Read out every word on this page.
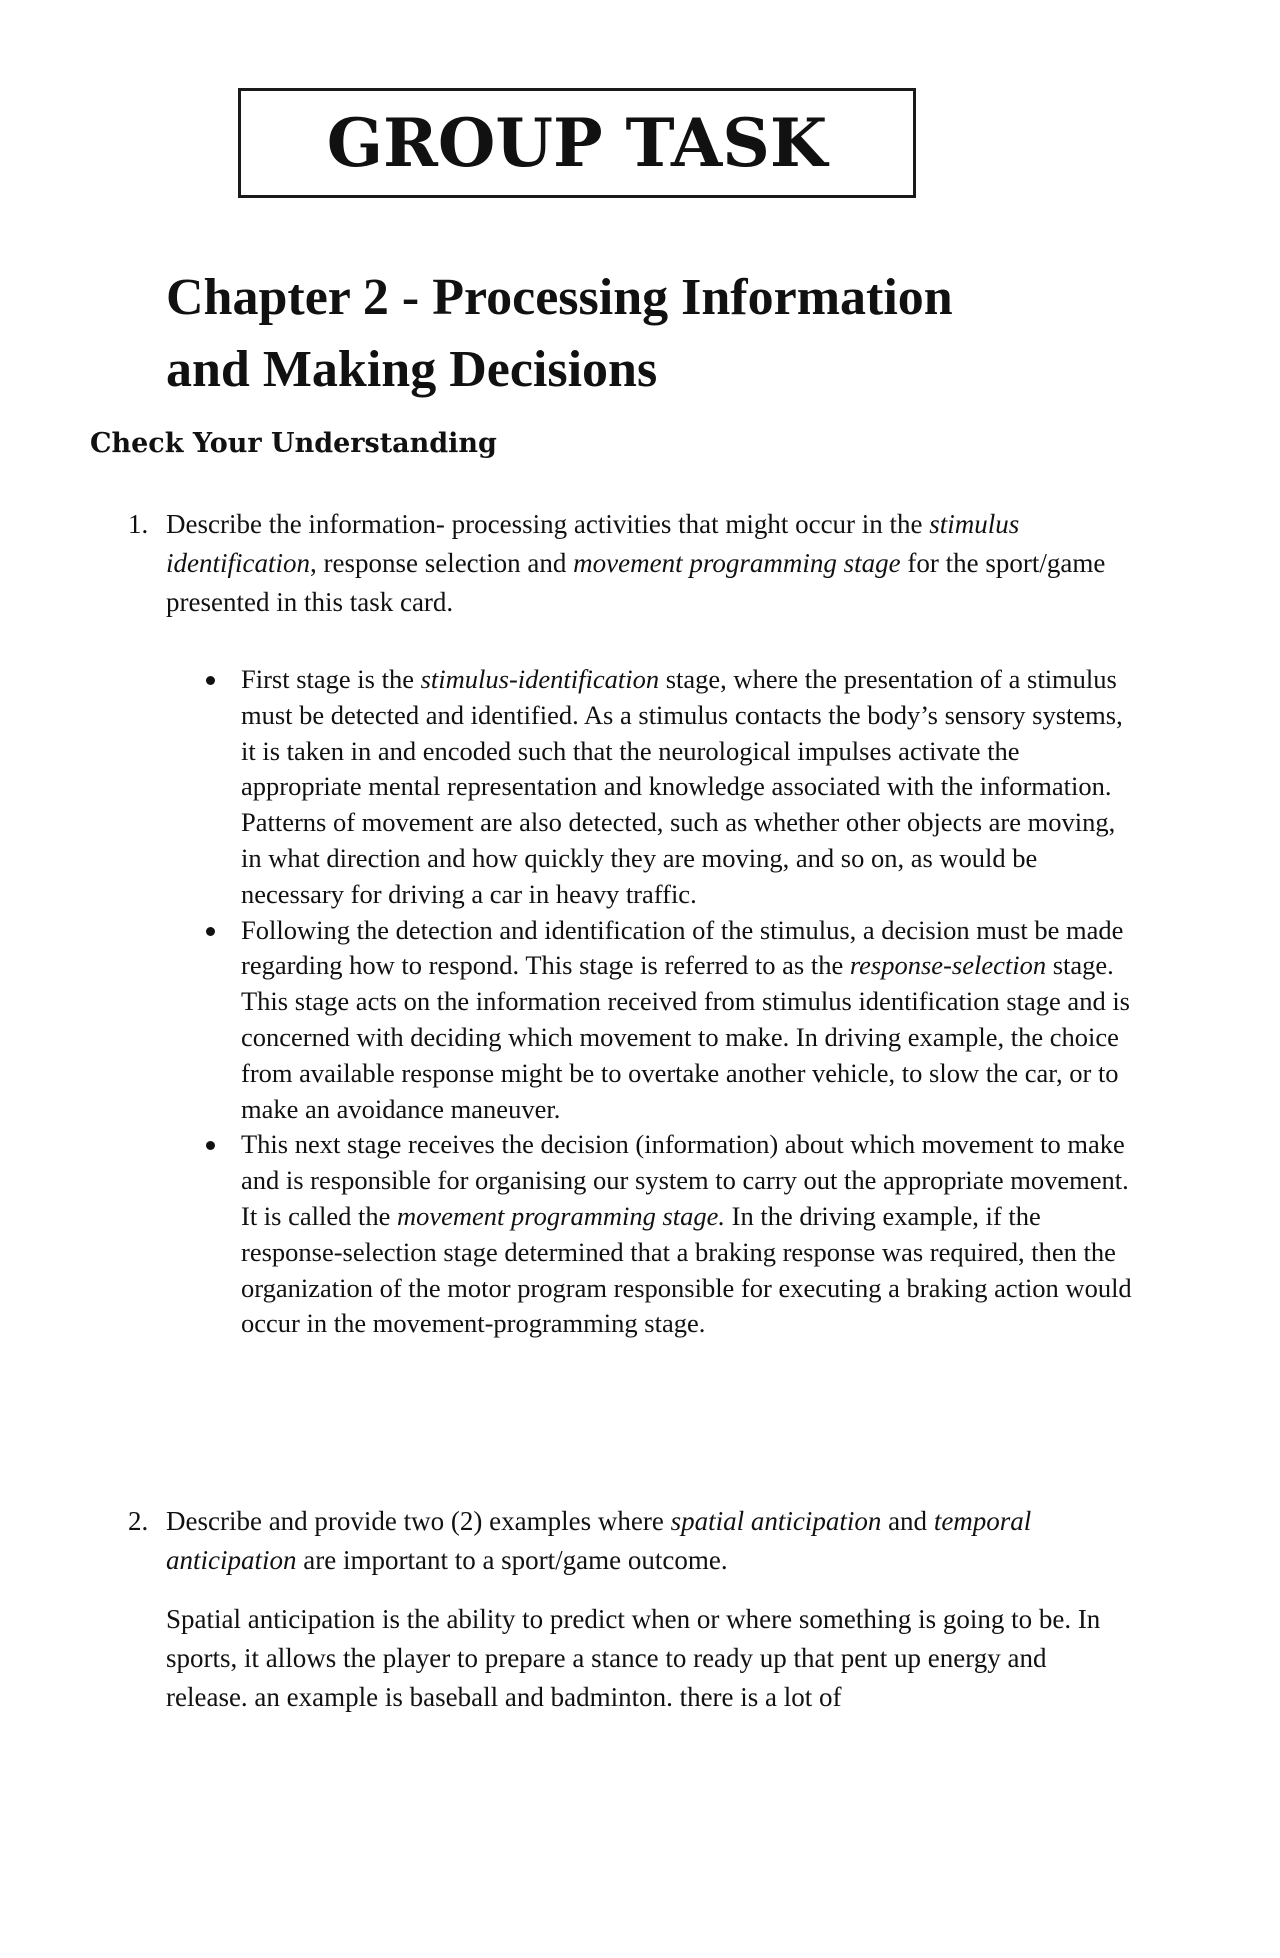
GROUP TASK
Chapter 2 - Processing Information
and Making Decisions
Check Your Understanding
1. Describe the information- processing activities that might occur in the stimulus identification, response selection and movement programming stage for the sport/game presented in this task card.
First stage is the stimulus-identification stage, where the presentation of a stimulus must be detected and identified. As a stimulus contacts the body’s sensory systems, it is taken in and encoded such that the neurological impulses activate the appropriate mental representation and knowledge associated with the information. Patterns of movement are also detected, such as whether other objects are moving, in what direction and how quickly they are moving, and so on, as would be necessary for driving a car in heavy traffic.
Following the detection and identification of the stimulus, a decision must be made regarding how to respond. This stage is referred to as the response-selection stage. This stage acts on the information received from stimulus identification stage and is concerned with deciding which movement to make. In driving example, the choice from available response might be to overtake another vehicle, to slow the car, or to make an avoidance maneuver.
This next stage receives the decision (information) about which movement to make and is responsible for organising our system to carry out the appropriate movement. It is called the movement programming stage. In the driving example, if the response-selection stage determined that a braking response was required, then the organization of the motor program responsible for executing a braking action would occur in the movement-programming stage.
2. Describe and provide two (2) examples where spatial anticipation and temporal anticipation are important to a sport/game outcome.

Spatial anticipation is the ability to predict when or where something is going to be. In sports, it allows the player to prepare a stance to ready up that pent up energy and release. an example is baseball and badminton. there is a lot of
